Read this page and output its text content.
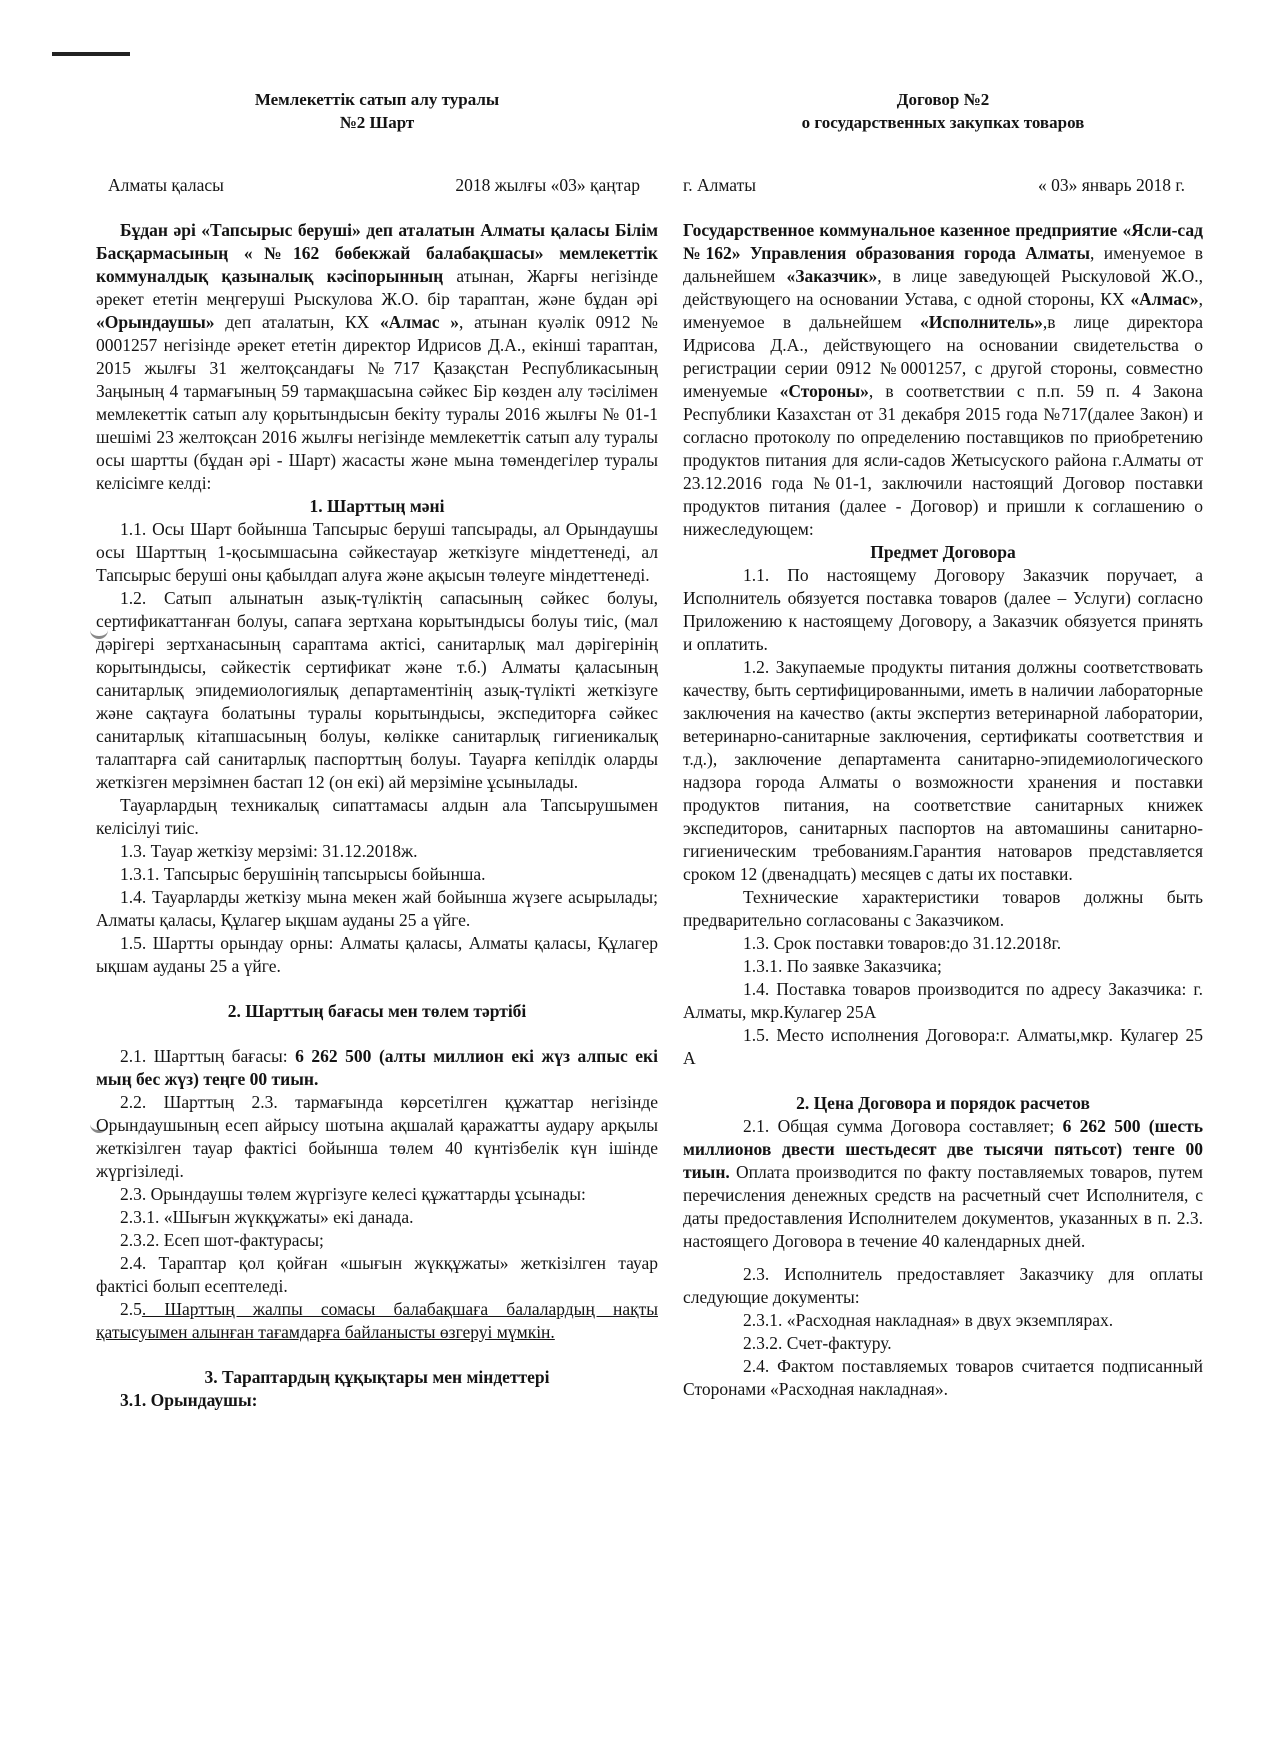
Мемлекеттік сатып алу туралы
№2 Шарт
Алматы қаласы	2018 жылғы «03» қаңтар
Бұдан әрі «Тапсырыс беруші» деп аталатын Алматы қаласы Білім Басқармасының «№162 бөбекжай балабақшасы» мемлекеттік коммуналдық қазыналық кәсіпорынның атынан, Жарғы негізінде әрекет ететін меңгеруші Рыскулова Ж.О. бір тараптан, және бұдан әрі «Орындаушы» деп аталатын, КХ «Алмас », атынан куәлік 0912 № 0001257 негізінде әрекет ететін директор Идрисов Д.А., екінші тараптан, 2015 жылғы 31 желтоқсандағы №717 Қазақстан Республикасының Заңының 4 тармағының 59 тармақшасына сәйкес Бір көзден алу тәсілімен мемлекеттік сатып алу қорытындысын бекіту туралы 2016 жылғы № 01-1 шешімі 23 желтоқсан 2016 жылғы негізінде мемлекеттік сатып алу туралы осы шартты (бұдан әрі - Шарт) жасасты және мына төмендегілер туралы келісімге келді:

1. Шарттың мәні

1.1. Осы Шарт бойынша Тапсырыс беруші тапсырады, ал Орындаушы осы Шарттың 1-қосымшасына сәйкестауар жеткізуге міндеттенеді, ал Тапсырыс беруші оны қабылдап алуға және ақысын төлеуге міндеттенеді.

1.2. Сатып алынатын азық-түліктің сапасының сәйкес болуы, сертификаттанған болуы, сапаға зертхана корытындысы болуы тиіс, (мал дәрігері зертханасының сараптама актісі, санитарлық мал дәрігерінің корытындысы, сәйкестік сертификат және т.б.) Алматы қаласының санитарлық эпидемиологиялық департаментінің азық-түлікті жеткізуге және сақтауға болатыны туралы корытындысы, экспедиторға сәйкес санитарлық кітапшасының болуы, көлікке санитарлық гигиеникалық талаптарға сай санитарлық паспорттың болуы. Тауарға кепілдік оларды жеткізген мерзімнен бастап 12 (он екі) ай мерзіміне ұсынылады.

Тауарлардың техникалық сипаттамасы алдын ала Тапсырушымен келісілуі тиіс.

1.3. Тауар жеткізу мерзімі: 31.12.2018ж.

1.3.1. Тапсырыс берушінің тапсырысы бойынша.

1.4. Тауарларды жеткізу мына мекен жай бойынша жүзеге асырылады; Алматы қаласы, Құлагер ықшам ауданы 25 а үйге.

1.5. Шартты орындау орны: Алматы қаласы, Алматы қаласы, Құлагер ықшам ауданы 25 а үйге.

2. Шарттың бағасы мен төлем тәртібі

2.1. Шарттың бағасы: 6 262 500 (алты миллион екі жүз алпыс екі мың бес жүз) теңге 00 тиын.

2.2. Шарттың 2.3. тармағында көрсетілген құжаттар негізінде Орындаушының есеп айрысу шотына ақшалай қаражатты аудару арқылы жеткізілген тауар фактісі бойынша төлем 40 күнтізбелік күн ішінде жүргізіледі.

2.3. Орындаушы төлем жүргізуге келесі құжаттарды ұсынады:

2.3.1. «Шығын жүкқұжаты» екі данада.

2.3.2. Есеп шот-фактурасы;

2.4. Тараптар қол қойған «шығын жүкқұжаты» жеткізілген тауар фактісі болып есептеледі.

2.5. Шарттың жалпы сомасы балабақшаға балалардың нақты қатысуымен алынған тағамдарға байланысты өзгеруі мүмкін.

3. Тараптардың құқықтары мен міндеттері

3.1. Орындаушы:

Договор №2
о государственных закупках товаров
г. Алматы	« 03» январь 2018 г.
Государственное коммунальное казенное предприятие «Ясли-сад №162» Управления образования города Алматы, именуемое в дальнейшем «Заказчик», в лице заведующей Рыскуловой Ж.О., действующего на основании Устава, с одной стороны, КХ «Алмас», именуемое в дальнейшем «Исполнитель»,в лице директора Идрисова Д.А., действующего на основании свидетельства о регистрации серии 0912 №0001257, с другой стороны, совместно именуемые «Стороны», в соответствии с п.п. 59 п. 4 Закона Республики Казахстан от 31 декабря 2015 года №717(далее Закон) и согласно протоколу по определению поставщиков по приобретению продуктов питания для ясли-садов Жетысуского района г.Алматы от 23.12.2016 года №01-1, заключили настоящий Договор поставки продуктов питания (далее - Договор) и пришли к соглашению о нижеследующем:

Предмет Договора

1.1. По настоящему Договору Заказчик поручает, а Исполнитель обязуется поставка товаров (далее – Услуги) согласно Приложению к настоящему Договору, а Заказчик обязуется принять и оплатить.

1.2. Закупаемые продукты питания должны соответствовать качеству, быть сертифицированными, иметь в наличии лабораторные заключения на качество (акты экспертиз ветеринарной лаборатории, ветеринарно-санитарные заключения, сертификаты соответствия и т.д.), заключение департамента санитарно-эпидемиологического надзора города Алматы о возможности хранения и поставки продуктов питания, на соответствие санитарных книжек экспедиторов, санитарных паспортов на автомашины санитарно-гигиеническим требованиям.Гарантия натоваров представляется сроком 12 (двенадцать) месяцев с даты их поставки.

Технические характеристики товаров должны быть предварительно согласованы с Заказчиком.

1.3. Срок поставки товаров:до 31.12.2018г.

1.3.1. По заявке Заказчика;

1.4. Поставка товаров производится по адресу Заказчика: г. Алматы, мкр.Кулагер 25А

1.5. Место исполнения Договора:г. Алматы,мкр. Кулагер 25 А

2. Цена Договора и порядок расчетов

2.1. Общая сумма Договора составляет; 6 262 500 (шесть миллионов двести шестьдесят две тысячи пятьсот) тенге 00 тиын. Оплата производится по факту поставляемых товаров, путем перечисления денежных средств на расчетный счет Исполнителя, с даты предоставления Исполнителем документов, указанных в п. 2.3. настоящего Договора в течение 40 календарных дней.

2.3. Исполнитель предоставляет Заказчику для оплаты следующие документы:

2.3.1. «Расходная накладная» в двух экземплярах.

2.3.2. Счет-фактуру.

2.4. Фактом поставляемых товаров считается подписанный Сторонами «Расходная накладная».
